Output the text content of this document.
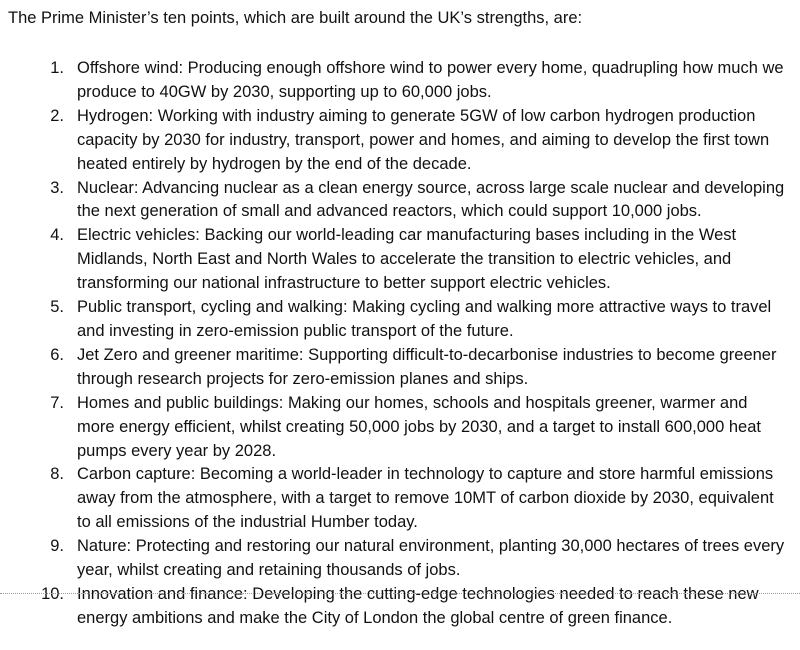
The Prime Minister’s ten points, which are built around the UK’s strengths, are:

1. Offshore wind: Producing enough offshore wind to power every home, quadrupling how much we produce to 40GW by 2030, supporting up to 60,000 jobs.
2. Hydrogen: Working with industry aiming to generate 5GW of low carbon hydrogen production capacity by 2030 for industry, transport, power and homes, and aiming to develop the first town heated entirely by hydrogen by the end of the decade.
3. Nuclear: Advancing nuclear as a clean energy source, across large scale nuclear and developing the next generation of small and advanced reactors, which could support 10,000 jobs.
4. Electric vehicles: Backing our world-leading car manufacturing bases including in the West Midlands, North East and North Wales to accelerate the transition to electric vehicles, and transforming our national infrastructure to better support electric vehicles.
5. Public transport, cycling and walking: Making cycling and walking more attractive ways to travel and investing in zero-emission public transport of the future.
6. Jet Zero and greener maritime: Supporting difficult-to-decarbonise industries to become greener through research projects for zero-emission planes and ships.
7. Homes and public buildings: Making our homes, schools and hospitals greener, warmer and more energy efficient, whilst creating 50,000 jobs by 2030, and a target to install 600,000 heat pumps every year by 2028.
8. Carbon capture: Becoming a world-leader in technology to capture and store harmful emissions away from the atmosphere, with a target to remove 10MT of carbon dioxide by 2030, equivalent to all emissions of the industrial Humber today.
9. Nature: Protecting and restoring our natural environment, planting 30,000 hectares of trees every year, whilst creating and retaining thousands of jobs.
10. Innovation and finance: Developing the cutting-edge technologies needed to reach these new energy ambitions and make the City of London the global centre of green finance.
